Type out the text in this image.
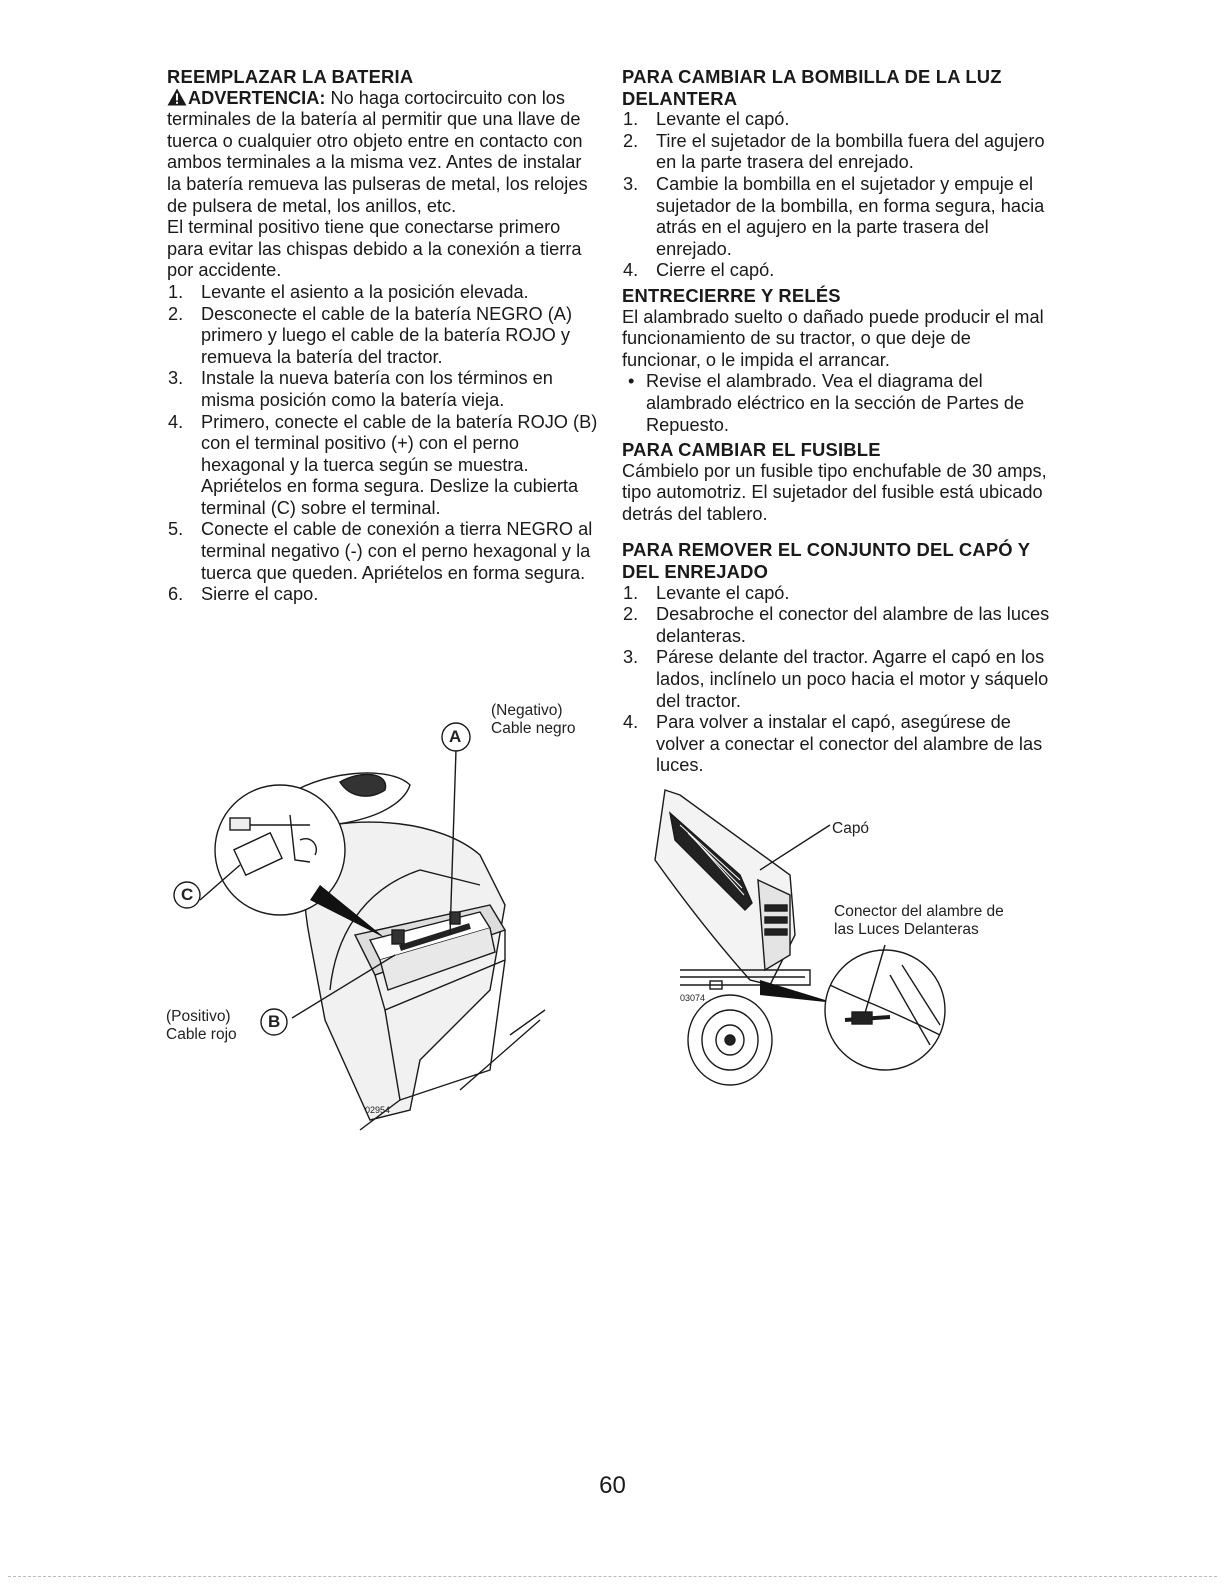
REEMPLAZAR LA BATERIA

ADVERTENCIA: No haga cortocircuito con los terminales de la batería al permitir que una llave de tuerca o cualquier otro objeto entre en contacto con ambos terminales a la misma vez. Antes de instalar la batería remueva las pulseras de metal, los relojes de pulsera de metal, los anillos, etc.

El terminal positivo tiene que conectarse primero para evitar las chispas debido a la conexión a tierra por accidente.

1. Levante el asiento a la posición elevada.
2. Desconecte el cable de la batería NEGRO (A) primero y luego el cable de la batería ROJO y remueva la batería del tractor.
3. Instale la nueva batería con los términos en misma posición como la batería vieja.
4. Primero, conecte el cable de la batería ROJO (B) con el terminal positivo (+) con el perno hexagonal y la tuerca según se muestra. Apriételos en forma segura. Deslize la cubierta terminal (C) sobre el terminal.
5. Conecte el cable de conexión a tierra NEGRO al terminal negativo (-) con el perno hexagonal y la tuerca que queden. Apriételos en forma segura.
6. Sierre el capo.
A
C
B
(Negativo)
Cable negro
(Positivo)
Cable rojo
02954
PARA CAMBIAR LA BOMBILLA DE LA LUZ DELANTERA
1. Levante el capó.
2. Tire el sujetador de la bombilla fuera del agujero en la parte trasera del enrejado.
3. Cambie la bombilla en el sujetador y empuje el sujetador de la bombilla, en forma segura, hacia atrás en el agujero en la parte trasera del enrejado.
4. Cierre el capó.
ENTRECIERRE Y RELÉS

El alambrado suelto o dañado puede producir el mal funcionamiento de su tractor, o que deje de funcionar, o le impida el arrancar.

• Revise el alambrado. Vea el diagrama del alambrado eléctrico en la sección de Partes de Repuesto.
PARA CAMBIAR EL FUSIBLE

Cámbielo por un fusible tipo enchufable de 30 amps, tipo automotriz. El sujetador del fusible está ubicado detrás del tablero.

PARA REMOVER EL CONJUNTO DEL CAPÓ Y DEL ENREJADO
1. Levante el capó.
2. Desabroche el conector del alambre de las luces delanteras.
3. Párese delante del tractor. Agarre el capó en los lados, inclínelo un poco hacia el motor y sáquelo del tractor.
4. Para volver a instalar el capó, asegúrese de volver a conectar el conector del alambre de las luces.
Capó
Conector del alambre de
las Luces Delanteras
03074
60
